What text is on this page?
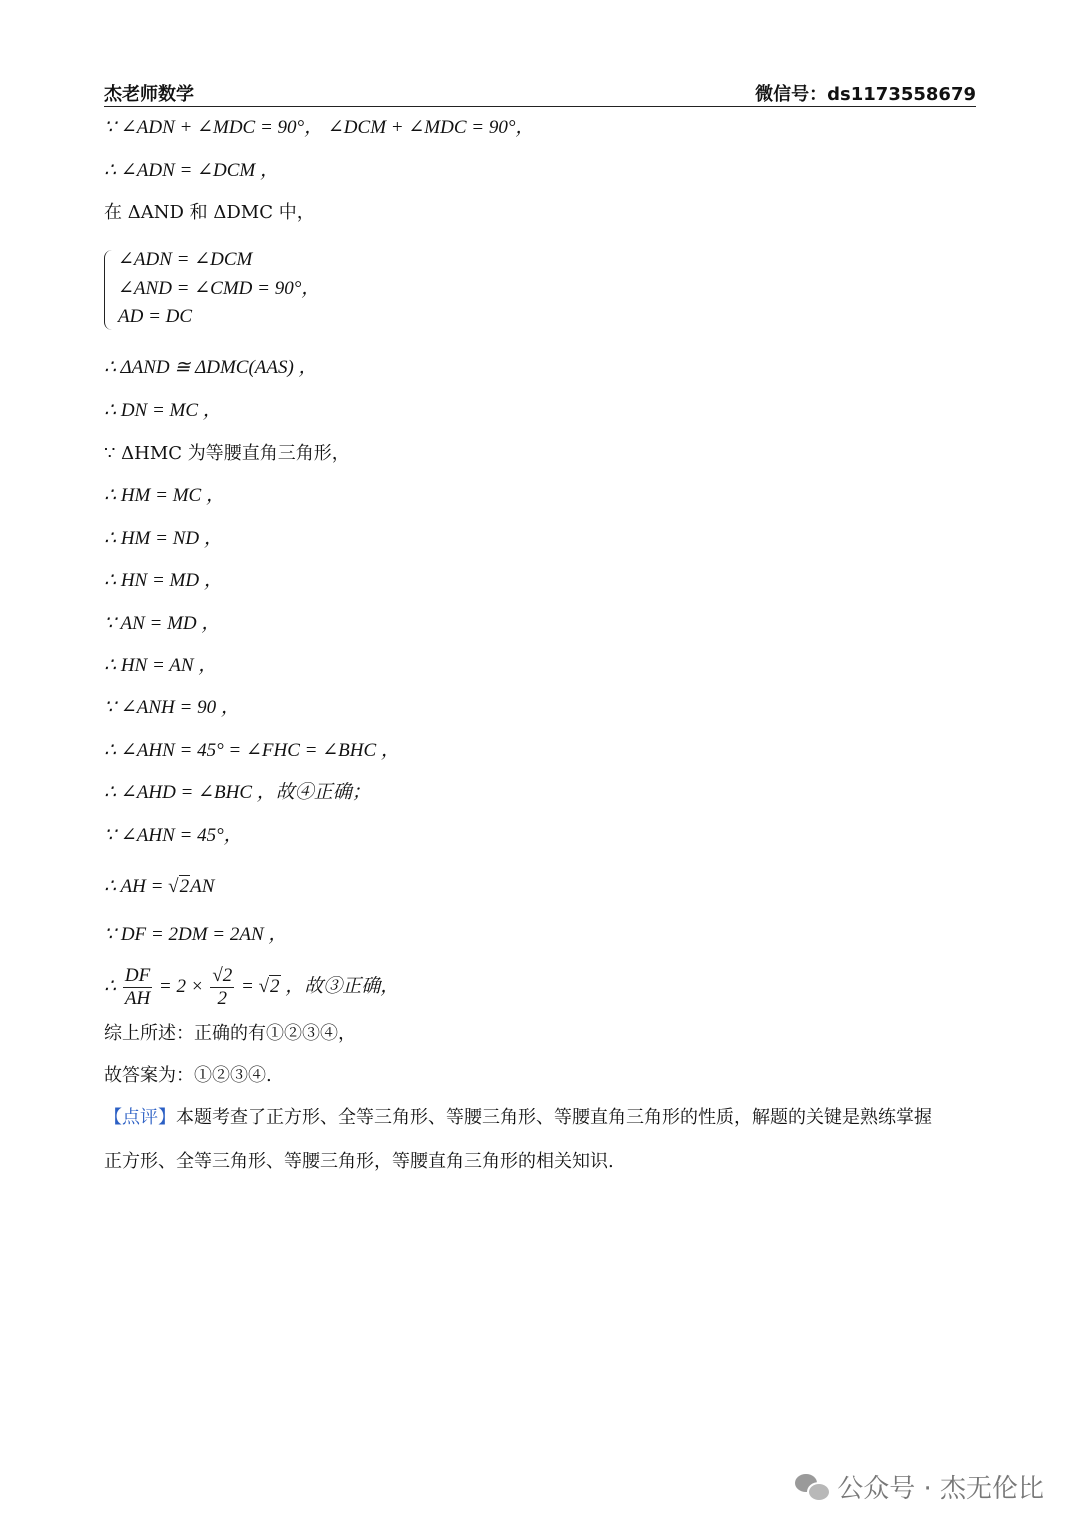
杰老师数学	微信号：ds1173558679
∵ ∠ADN + ∠MDC = 90°， ∠DCM + ∠MDC = 90°，
∴ ∠ADN = ∠DCM ，
在 ΔAND 和 ΔDMC 中，
∠ADN = ∠DCM
∠AND = ∠CMD = 90°，
AD = DC
∴ ΔAND ≅ ΔDMC(AAS) ，
∴ DN = MC ，
∵ ΔHMC 为等腰直角三角形，
∴ HM = MC ，
∴ HM = ND ，
∴ HN = MD ，
∵ AN = MD ，
∴ HN = AN ，
∵ ∠ANH = 90 ，
∴ ∠AHN = 45° = ∠FHC = ∠BHC ，
∴ ∠AHD = ∠BHC ，故④正确；
∵ ∠AHN = 45°，
∴ AH = √2AN
∵ DF = 2DM = 2AN ，
∴ $\frac{DF}{AH} = 2 \times \frac{√2}{2} = √2$ ，故③正确，
综上所述：正确的有①②③④，
故答案为：①②③④.
【点评】本题考查了正方形、全等三角形、等腰三角形、等腰直角三角形的性质，解题的关键是熟练掌握
正方形、全等三角形、等腰三角形，等腰直角三角形的相关知识.
公众号 · 杰无伦比
